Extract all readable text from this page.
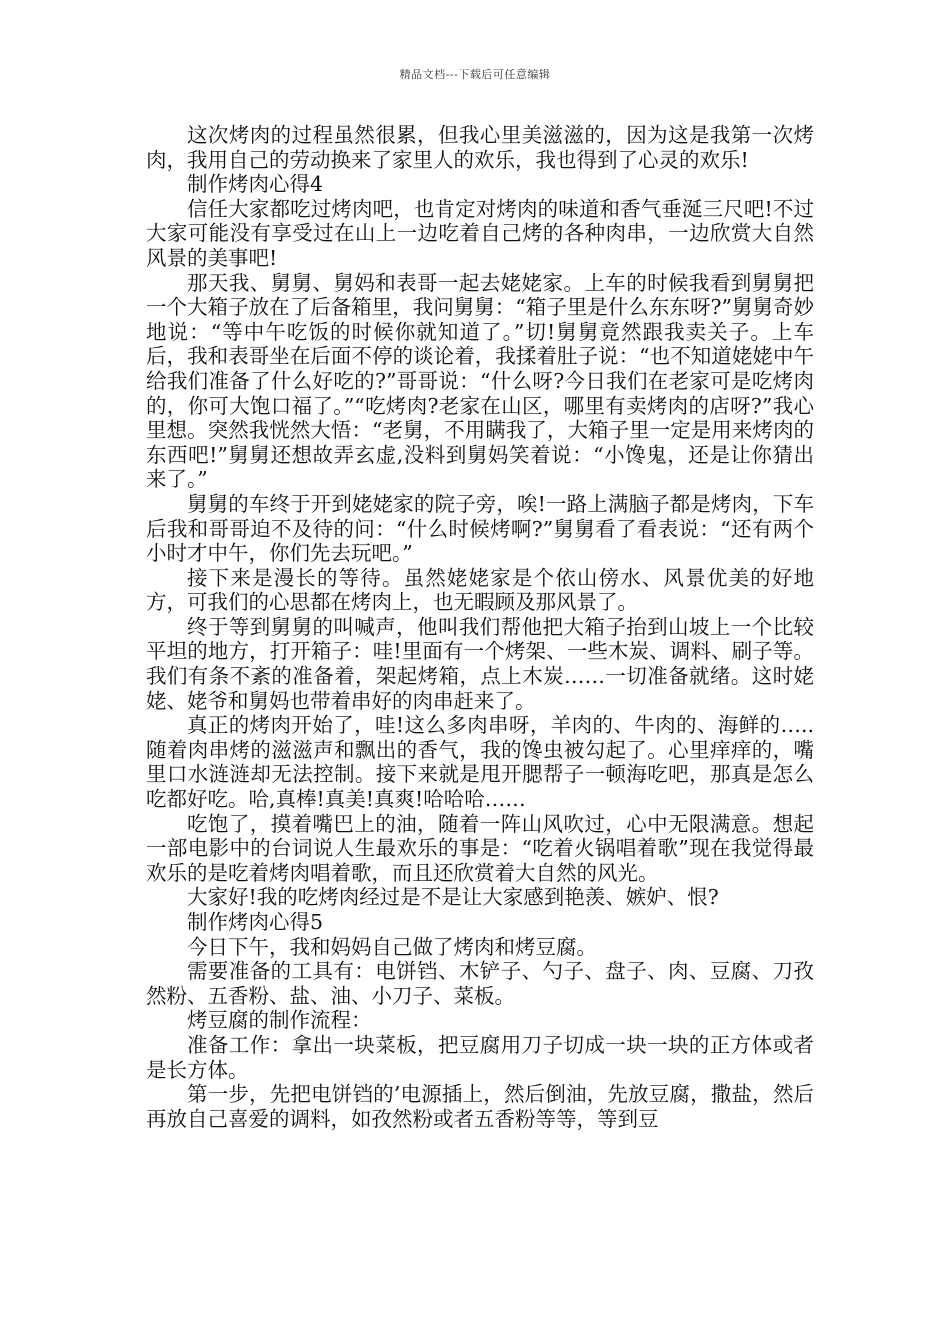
精品文档---下载后可任意编辑

这次烤肉的过程虽然很累，但我心里美滋滋的，因为这是我第一次烤肉，我用自己的劳动换来了家里人的欢乐，我也得到了心灵的欢乐!

制作烤肉心得4

信任大家都吃过烤肉吧，也肯定对烤肉的味道和香气垂涎三尺吧!不过大家可能没有享受过在山上一边吃着自己烤的各种肉串，一边欣赏大自然风景的美事吧!

那天我、舅舅、舅妈和表哥一起去姥姥家。上车的时候我看到舅舅把一个大箱子放在了后备箱里，我问舅舅：“箱子里是什么东东呀?”舅舅奇妙地说：“等中午吃饭的时候你就知道了。”切!舅舅竟然跟我卖关子。上车后，我和表哥坐在后面不停的谈论着，我揉着肚子说：“也不知道姥姥中午给我们准备了什么好吃的?”哥哥说：“什么呀?今日我们在老家可是吃烤肉的，你可大饱口福了。”“吃烤肉?老家在山区，哪里有卖烤肉的店呀?”我心里想。突然我恍然大悟：“老舅，不用瞒我了，大箱子里一定是用来烤肉的东西吧!”舅舅还想故弄玄虚,没料到舅妈笑着说：“小馋鬼，还是让你猜出来了。”

舅舅的车终于开到姥姥家的院子旁，唉!一路上满脑子都是烤肉，下车后我和哥哥迫不及待的问：“什么时候烤啊?”舅舅看了看表说：“还有两个小时才中午，你们先去玩吧。”

接下来是漫长的等待。虽然姥姥家是个依山傍水、风景优美的好地方，可我们的心思都在烤肉上，也无暇顾及那风景了。

终于等到舅舅的叫喊声，他叫我们帮他把大箱子抬到山坡上一个比较平坦的地方，打开箱子：哇!里面有一个烤架、一些木炭、调料、刷子等。我们有条不紊的准备着，架起烤箱，点上木炭……一切准备就绪。这时姥姥、姥爷和舅妈也带着串好的肉串赶来了。

真正的烤肉开始了，哇!这么多肉串呀，羊肉的、牛肉的、海鲜的…..随着肉串烤的滋滋声和飘出的香气，我的馋虫被勾起了。心里痒痒的，嘴里口水涟涟却无法控制。接下来就是甩开腮帮子一顿海吃吧，那真是怎么吃都好吃。哈,真棒!真美!真爽!哈哈哈……

吃饱了，摸着嘴巴上的油，随着一阵山风吹过，心中无限满意。想起一部电影中的台词说人生最欢乐的事是：“吃着火锅唱着歌”现在我觉得最欢乐的是吃着烤肉唱着歌，而且还欣赏着大自然的风光。

大家好!我的吃烤肉经过是不是让大家感到艳羡、嫉妒、恨?

制作烤肉心得5

今日下午，我和妈妈自己做了烤肉和烤豆腐。

需要准备的工具有：电饼铛、木铲子、勺子、盘子、肉、豆腐、刀孜然粉、五香粉、盐、油、小刀子、菜板。

烤豆腐的制作流程：

准备工作：拿出一块菜板，把豆腐用刀子切成一块一块的正方体或者是长方体。

第一步，先把电饼铛的’电源插上，然后倒油，先放豆腐，撒盐，然后再放自己喜爱的调料，如孜然粉或者五香粉等等，等到豆
